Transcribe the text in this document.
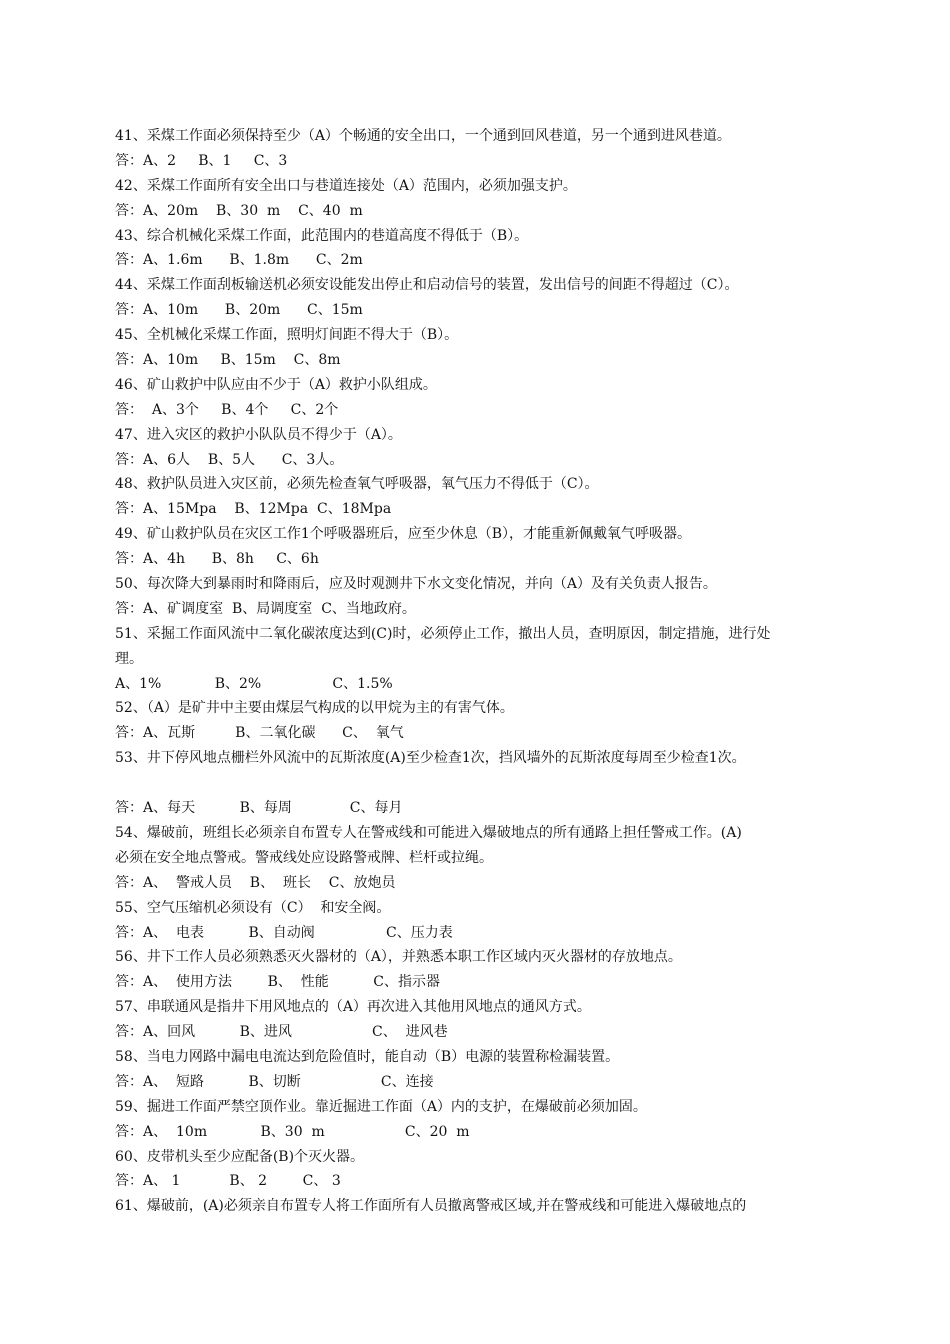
41、采煤工作面必须保持至少（A）个畅通的安全出口，一个通到回风巷道，另一个通到进风巷道。
答：A、2     B、1     C、3
42、采煤工作面所有安全出口与巷道连接处（A）范围内，必须加强支护。
答：A、20m    B、30  m    C、40  m
43、综合机械化采煤工作面，此范围内的巷道高度不得低于（B）。
答：A、1.6m      B、1.8m      C、2m
44、采煤工作面刮板输送机必须安设能发出停止和启动信号的装置，发出信号的间距不得超过（C）。
答：A、10m      B、20m      C、15m
45、全机械化采煤工作面，照明灯间距不得大于（B）。
答：A、10m     B、15m    C、8m
46、矿山救护中队应由不少于（A）救护小队组成。
答：  A、3个     B、4个     C、2个
47、进入灾区的救护小队队员不得少于（A）。
答：A、6人    B、5人      C、3人。
48、救护队员进入灾区前，必须先检查氧气呼吸器，氧气压力不得低于（C）。
答：A、15Mpa    B、12Mpa  C、18Mpa
49、矿山救护队员在灾区工作1个呼吸器班后，应至少休息（B），才能重新佩戴氧气呼吸器。
答：A、4h      B、8h     C、6h
50、每次降大到暴雨时和降雨后，应及时观测井下水文变化情况，并向（A）及有关负责人报告。
答：A、矿调度室  B、局调度室  C、当地政府。
51、采掘工作面风流中二氧化碳浓度达到(C)时，必须停止工作，撤出人员，查明原因，制定措施，进行处
理。
A、1%            B、2%                C、1.5%
52、（A）是矿井中主要由煤层气构成的以甲烷为主的有害气体。
答：A、瓦斯         B、二氧化碳      C、  氧气
53、井下停风地点栅栏外风流中的瓦斯浓度(A)至少检查1次，挡风墙外的瓦斯浓度每周至少检查1次。
答：A、每天          B、每周             C、每月
54、爆破前，班组长必须亲自布置专人在警戒线和可能进入爆破地点的所有通路上担任警戒工作。(A)
必须在安全地点警戒。警戒线处应设路警戒牌、栏杆或拉绳。
答：A、  警戒人员    B、  班长    C、放炮员
55、空气压缩机必须设有（C）  和安全阀。
答：A、  电表          B、自动阀                C、压力表
56、井下工作人员必须熟悉灭火器材的（A），并熟悉本职工作区域内灭火器材的存放地点。
答：A、  使用方法        B、  性能          C、指示器
57、串联通风是指井下用风地点的（A）再次进入其他用风地点的通风方式。
答：A、回风          B、进风                  C、  进风巷
58、当电力网路中漏电电流达到危险值时，能自动（B）电源的装置称检漏装置。
答：A、  短路          B、切断                  C、连接
59、掘进工作面严禁空顶作业。靠近掘进工作面（A）内的支护，在爆破前必须加固。
答：A、  10m            B、30  m                  C、20  m
60、皮带机头至少应配备(B)个灭火器。
答：A、 1           B、 2        C、 3
61、爆破前，(A)必须亲自布置专人将工作面所有人员撤离警戒区域,并在警戒线和可能进入爆破地点的
